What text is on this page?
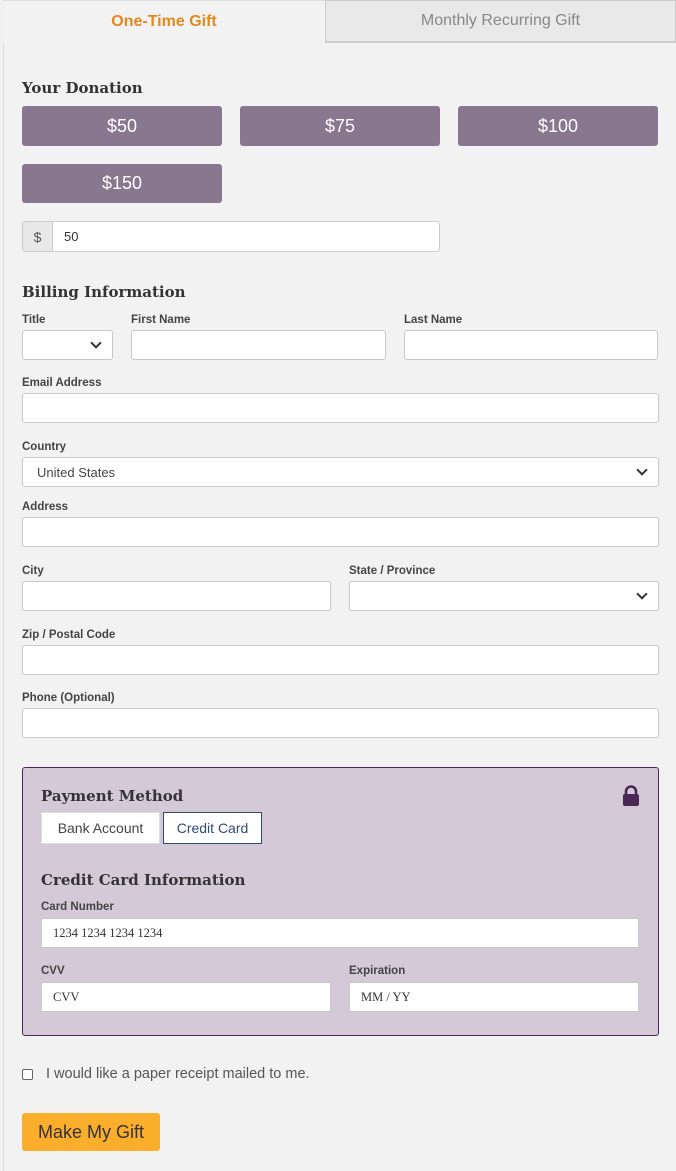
One-Time Gift	Monthly Recurring Gift
Your Donation
$50	$75	$100
$150
$	50
Billing Information
Title	First Name	Last Name
Email Address
Country
United States
Address
City	State / Province
Zip / Postal Code
Phone (Optional)
Payment Method
Bank Account	Credit Card
Credit Card Information
Card Number
1234 1234 1234 1234
CVV	Expiration
CVV	MM / YY
I would like a paper receipt mailed to me.
Make My Gift
